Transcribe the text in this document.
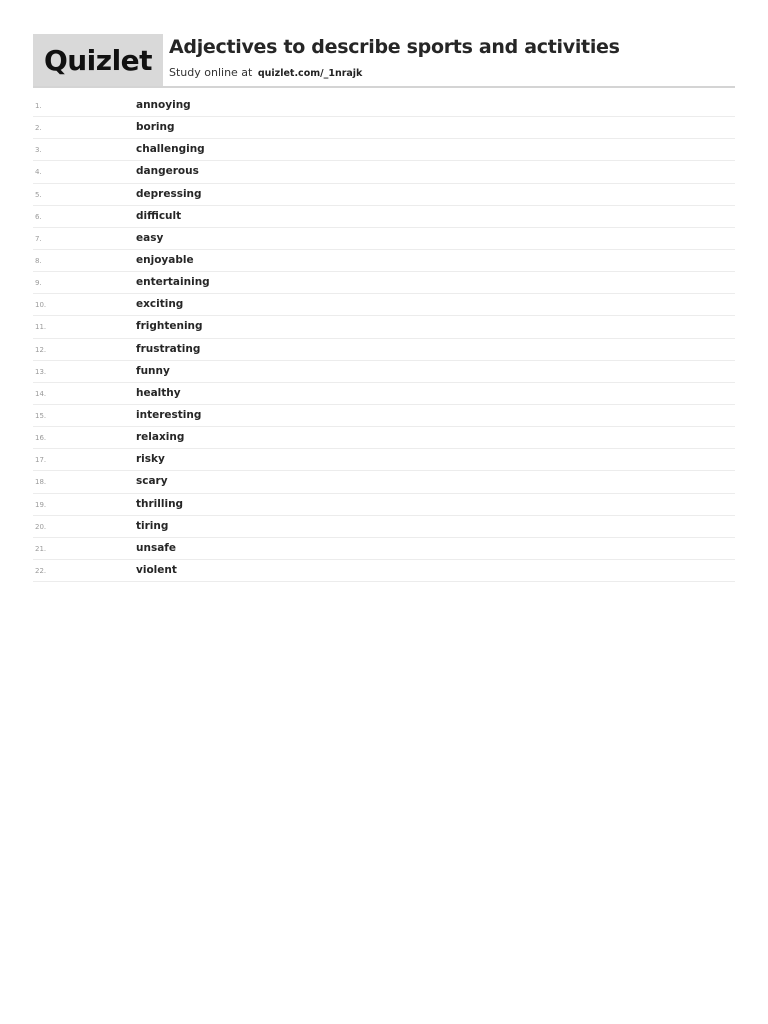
Quizlet Adjectives to describe sports and activities
Study online at quizlet.com/_1nrajk
1.	annoying
2.	boring
3.	challenging
4.	dangerous
5.	depressing
6.	difficult
7.	easy
8.	enjoyable
9.	entertaining
10.	exciting
11.	frightening
12.	frustrating
13.	funny
14.	healthy
15.	interesting
16.	relaxing
17.	risky
18.	scary
19.	thrilling
20.	tiring
21.	unsafe
22.	violent
